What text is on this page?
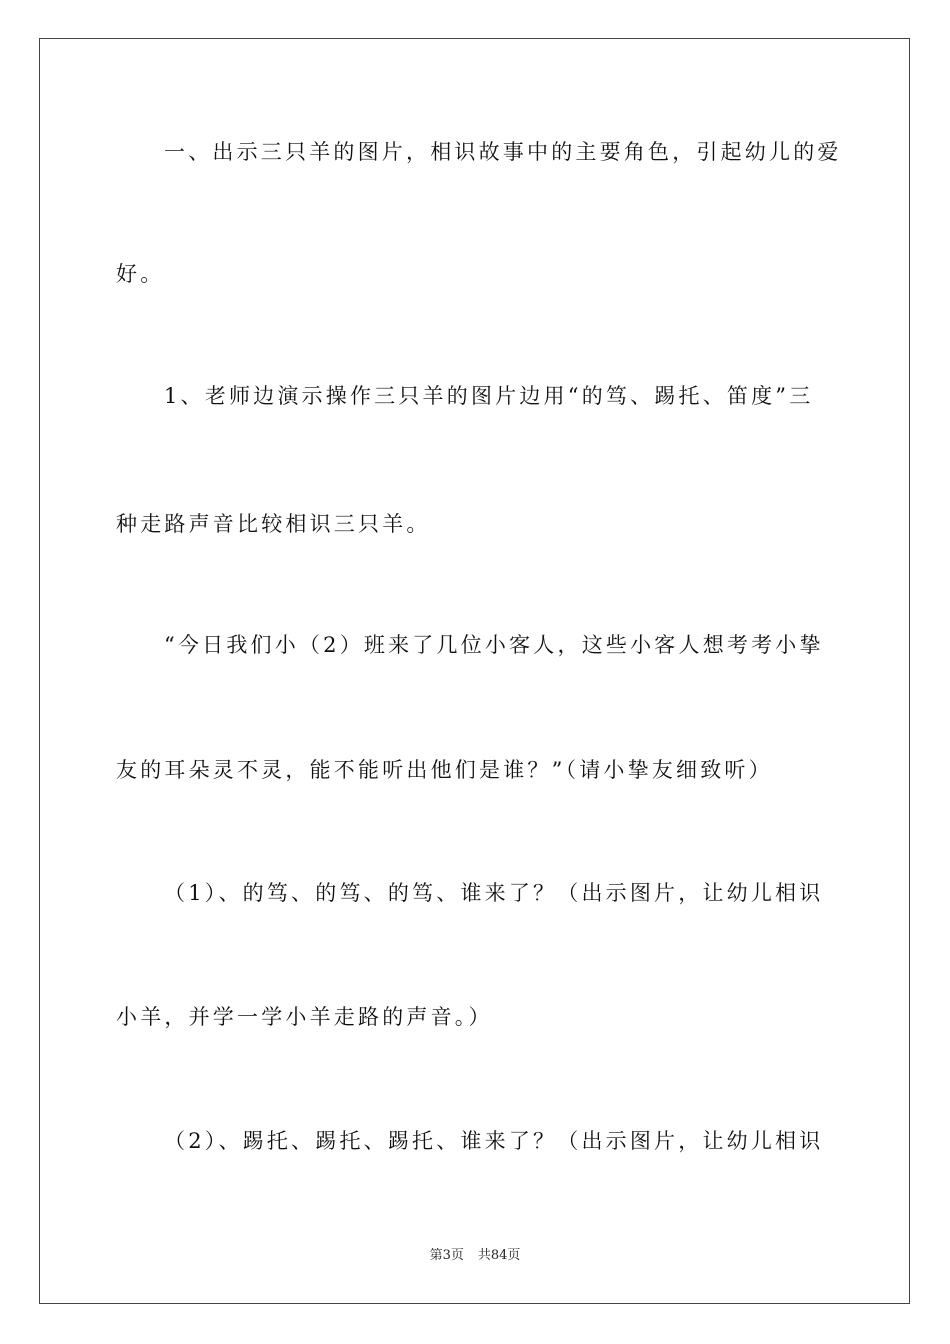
一、出示三只羊的图片，相识故事中的主要角色，引起幼儿的爱
好。
1、老师边演示操作三只羊的图片边用“的笃、踢托、笛度”三
种走路声音比较相识三只羊。
“今日我们小（2）班来了几位小客人，这些小客人想考考小挚
友的耳朵灵不灵，能不能听出他们是谁？”（请小挚友细致听）
（1）、的笃、的笃、的笃、谁来了？（出示图片，让幼儿相识
小羊，并学一学小羊走路的声音。）
（2）、踢托、踢托、踢托、谁来了？（出示图片，让幼儿相识
第3页 共84页
